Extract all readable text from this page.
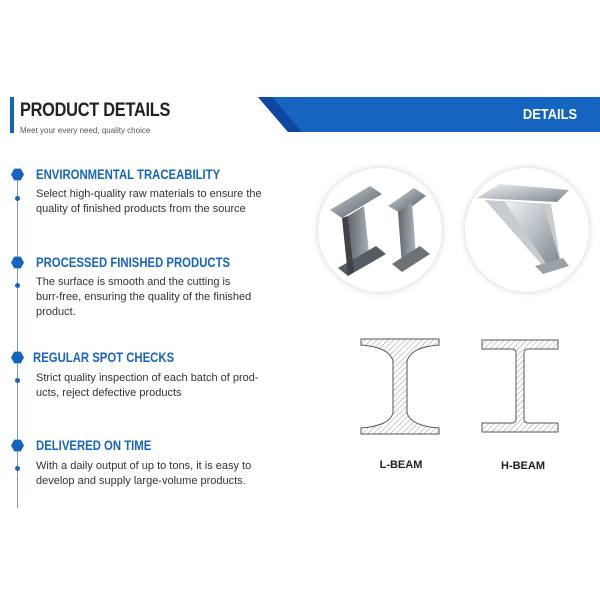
PRODUCT DETAILS
Meet your every need, quality choice
DETAILS
ENVIRONMENTAL TRACEABILITY
Select high-quality raw materials to ensure the
quality of finished products from the source
PROCESSED FINISHED PRODUCTS
The surface is smooth and the cutting is
burr-free, ensuring the quality of the finished
product.
REGULAR SPOT CHECKS
Strict quality inspection of each batch of prod-
ucts, reject defective products
DELIVERED ON TIME
With a daily output of up to tons, it is easy to
develop and supply large-volume products.
L-BEAM	H-BEAM
